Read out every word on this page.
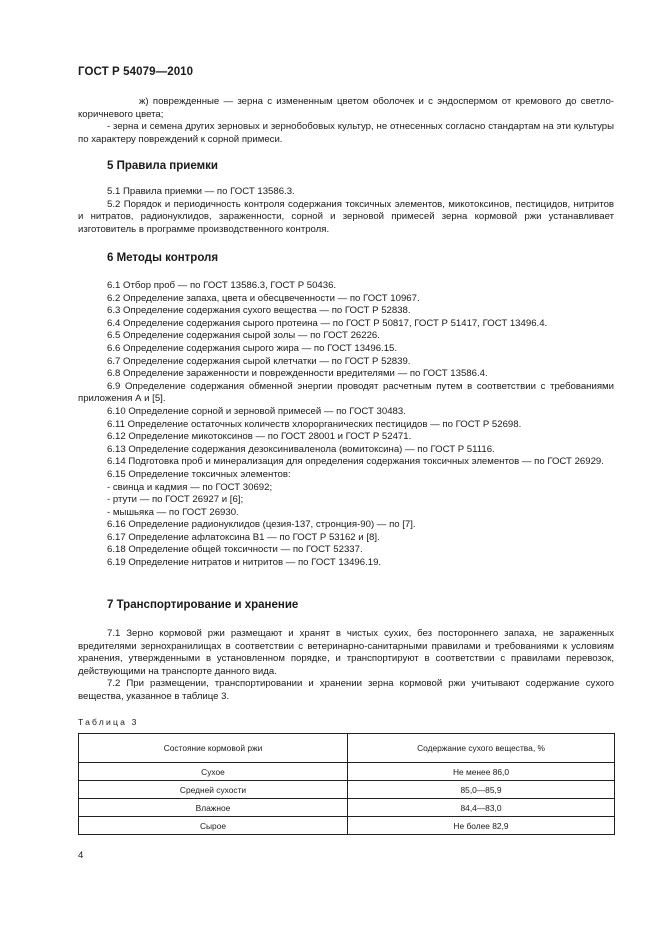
ГОСТ Р 54079—2010

ж) поврежденные — зерна с измененным цветом оболочек и с эндоспермом от кремового до светло-коричневого цвета;

- зерна и семена других зерновых и зернобобовых культур, не отнесенных согласно стандартам на эти культуры по характеру повреждений к сорной примеси.

5 Правила приемки

5.1 Правила приемки — по ГОСТ 13586.3.

5.2 Порядок и периодичность контроля содержания токсичных элементов, микотоксинов, пестицидов, нитритов и нитратов, радионуклидов, зараженности, сорной и зерновой примесей зерна кормовой ржи устанавливает изготовитель в программе производственного контроля.

6 Методы контроля

6.1 Отбор проб — по ГОСТ 13586.3, ГОСТ Р 50436.

6.2 Определение запаха, цвета и обесцвеченности — по ГОСТ 10967.

6.3 Определение содержания сухого вещества — по ГОСТ Р 52838.

6.4 Определение содержания сырого протеина — по ГОСТ Р 50817, ГОСТ Р 51417, ГОСТ 13496.4.

6.5 Определение содержания сырой золы — по ГОСТ 26226.

6.6 Определение содержания сырого жира — по ГОСТ 13496.15.

6.7 Определение содержания сырой клетчатки — по ГОСТ Р 52839.

6.8 Определение зараженности и поврежденности вредителями — по ГОСТ 13586.4.

6.9 Определение содержания обменной энергии проводят расчетным путем в соответствии с требованиями приложения А и [5].

6.10 Определение сорной и зерновой примесей — по ГОСТ 30483.

6.11 Определение остаточных количеств хлорорганических пестицидов — по ГОСТ Р 52698.

6.12 Определение микотоксинов — по ГОСТ 28001 и ГОСТ Р 52471.

6.13 Определение содержания дезоксиниваленола (вомитоксина) — по ГОСТ Р 51116.

6.14 Подготовка проб и минерализация для определения содержания токсичных элементов — по ГОСТ 26929.

6.15 Определение токсичных элементов:

- свинца и кадмия — по ГОСТ 30692;

- ртути — по ГОСТ 26927 и [6];

- мышьяка — по ГОСТ 26930.

6.16 Определение радионуклидов (цезия-137, стронция-90) — по [7].

6.17 Определение афлатоксина В1 — по ГОСТ Р 53162 и [8].

6.18 Определение общей токсичности — по ГОСТ 52337.

6.19 Определение нитратов и нитритов — по ГОСТ 13496.19.

7 Транспортирование и хранение

7.1 Зерно кормовой ржи размещают и хранят в чистых сухих, без постороннего запаха, не зараженных вредителями зернохранилищах в соответствии с ветеринарно-санитарными правилами и требованиями к условиям хранения, утвержденными в установленном порядке, и транспортируют в соответствии с правилами перевозок, действующими на транспорте данного вида.

7.2 При размещении, транспортировании и хранении зерна кормовой ржи учитывают содержание сухого вещества, указанное в таблице 3.

Таблица 3
Состояние кормовой ржи	Содержание сухого вещества, %
Сухое	Не менее 86,0
Средней сухости	85,0—85,9
Влажное	84,4—83,0
Сырое	Не более 82,9
4
